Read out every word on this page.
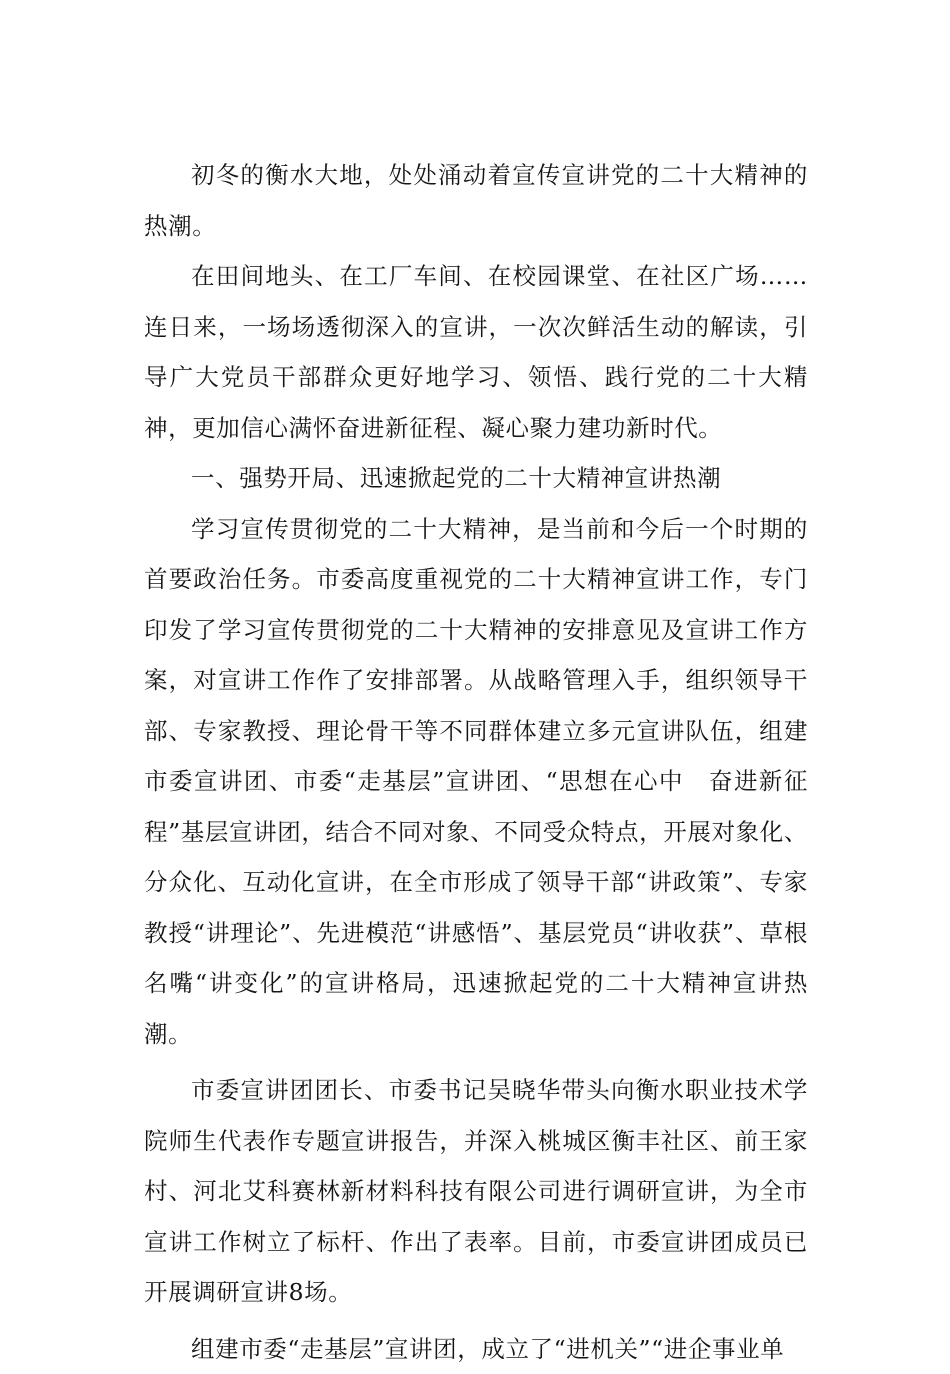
初冬的衡水大地，处处涌动着宣传宣讲党的二十大精神的热潮。

在田间地头、在工厂车间、在校园课堂、在社区广场……连日来，一场场透彻深入的宣讲，一次次鲜活生动的解读，引导广大党员干部群众更好地学习、领悟、践行党的二十大精神，更加信心满怀奋进新征程、凝心聚力建功新时代。

一、强势开局、迅速掀起党的二十大精神宣讲热潮

学习宣传贯彻党的二十大精神，是当前和今后一个时期的首要政治任务。市委高度重视党的二十大精神宣讲工作，专门印发了学习宣传贯彻党的二十大精神的安排意见及宣讲工作方案，对宣讲工作作了安排部署。从战略管理入手，组织领导干部、专家教授、理论骨干等不同群体建立多元宣讲队伍，组建市委宣讲团、市委“走基层”宣讲团、“思想在心中　奋进新征程”基层宣讲团，结合不同对象、不同受众特点，开展对象化、分众化、互动化宣讲，在全市形成了领导干部“讲政策”、专家教授“讲理论”、先进模范“讲感悟”、基层党员“讲收获”、草根名嘴“讲变化”的宣讲格局，迅速掀起党的二十大精神宣讲热潮。

市委宣讲团团长、市委书记吴晓华带头向衡水职业技术学院师生代表作专题宣讲报告，并深入桃城区衡丰社区、前王家村、河北艾科赛林新材料科技有限公司进行调研宣讲，为全市宣讲工作树立了标杆、作出了表率。目前，市委宣讲团成员已开展调研宣讲8场。

组建市委“走基层”宣讲团，成立了“进机关”“进企事业单
